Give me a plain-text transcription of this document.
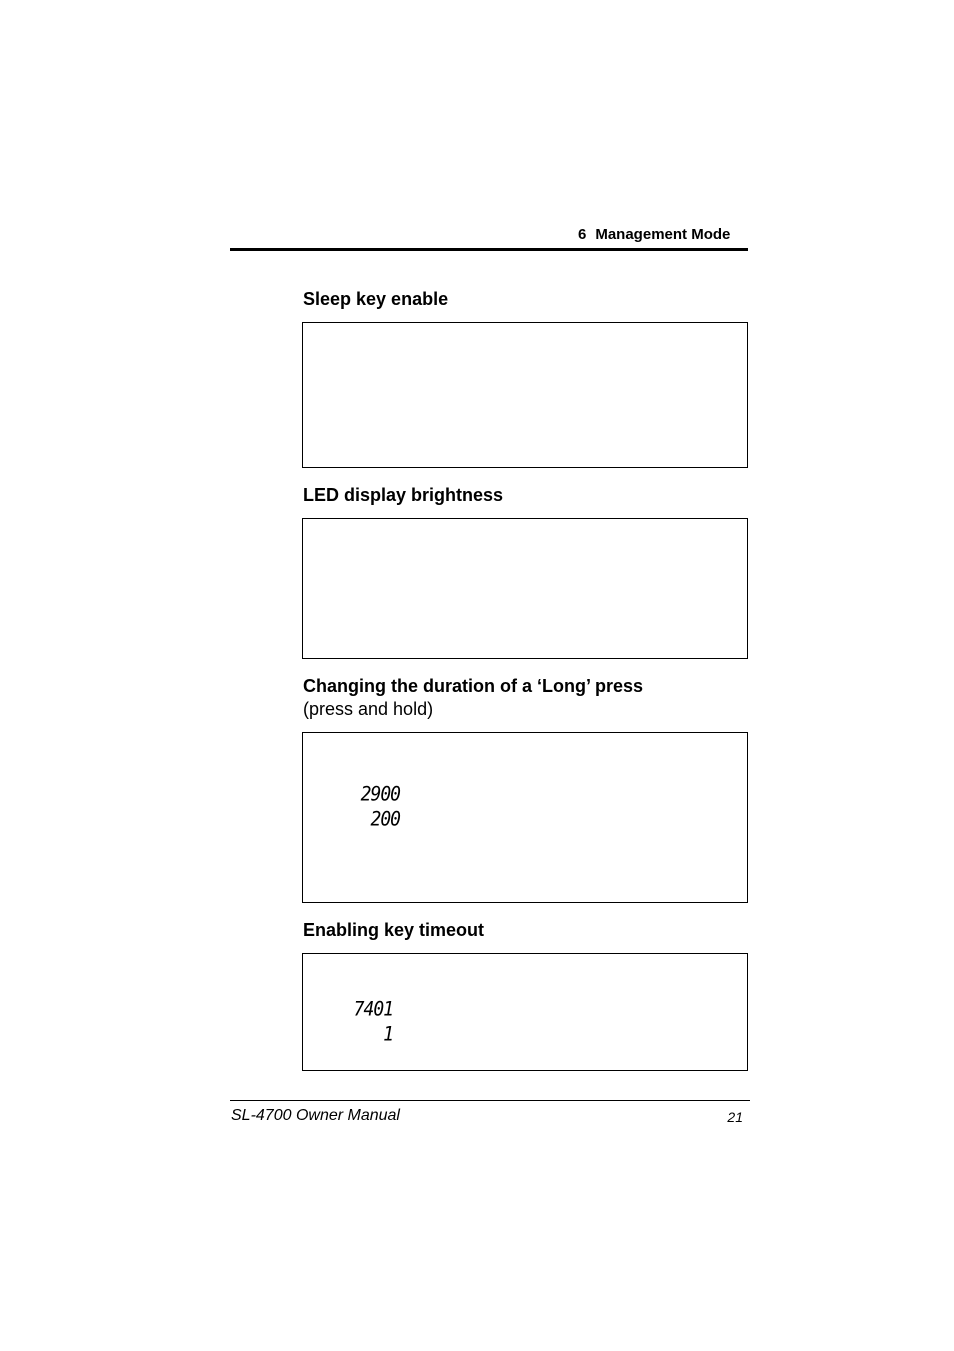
6 Management Mode
Sleep key enable
LED display brightness
Changing the duration of a ‘Long’ press
(press and hold)
2900
200
Enabling key timeout
7401
1
SL-4700 Owner Manual	21
